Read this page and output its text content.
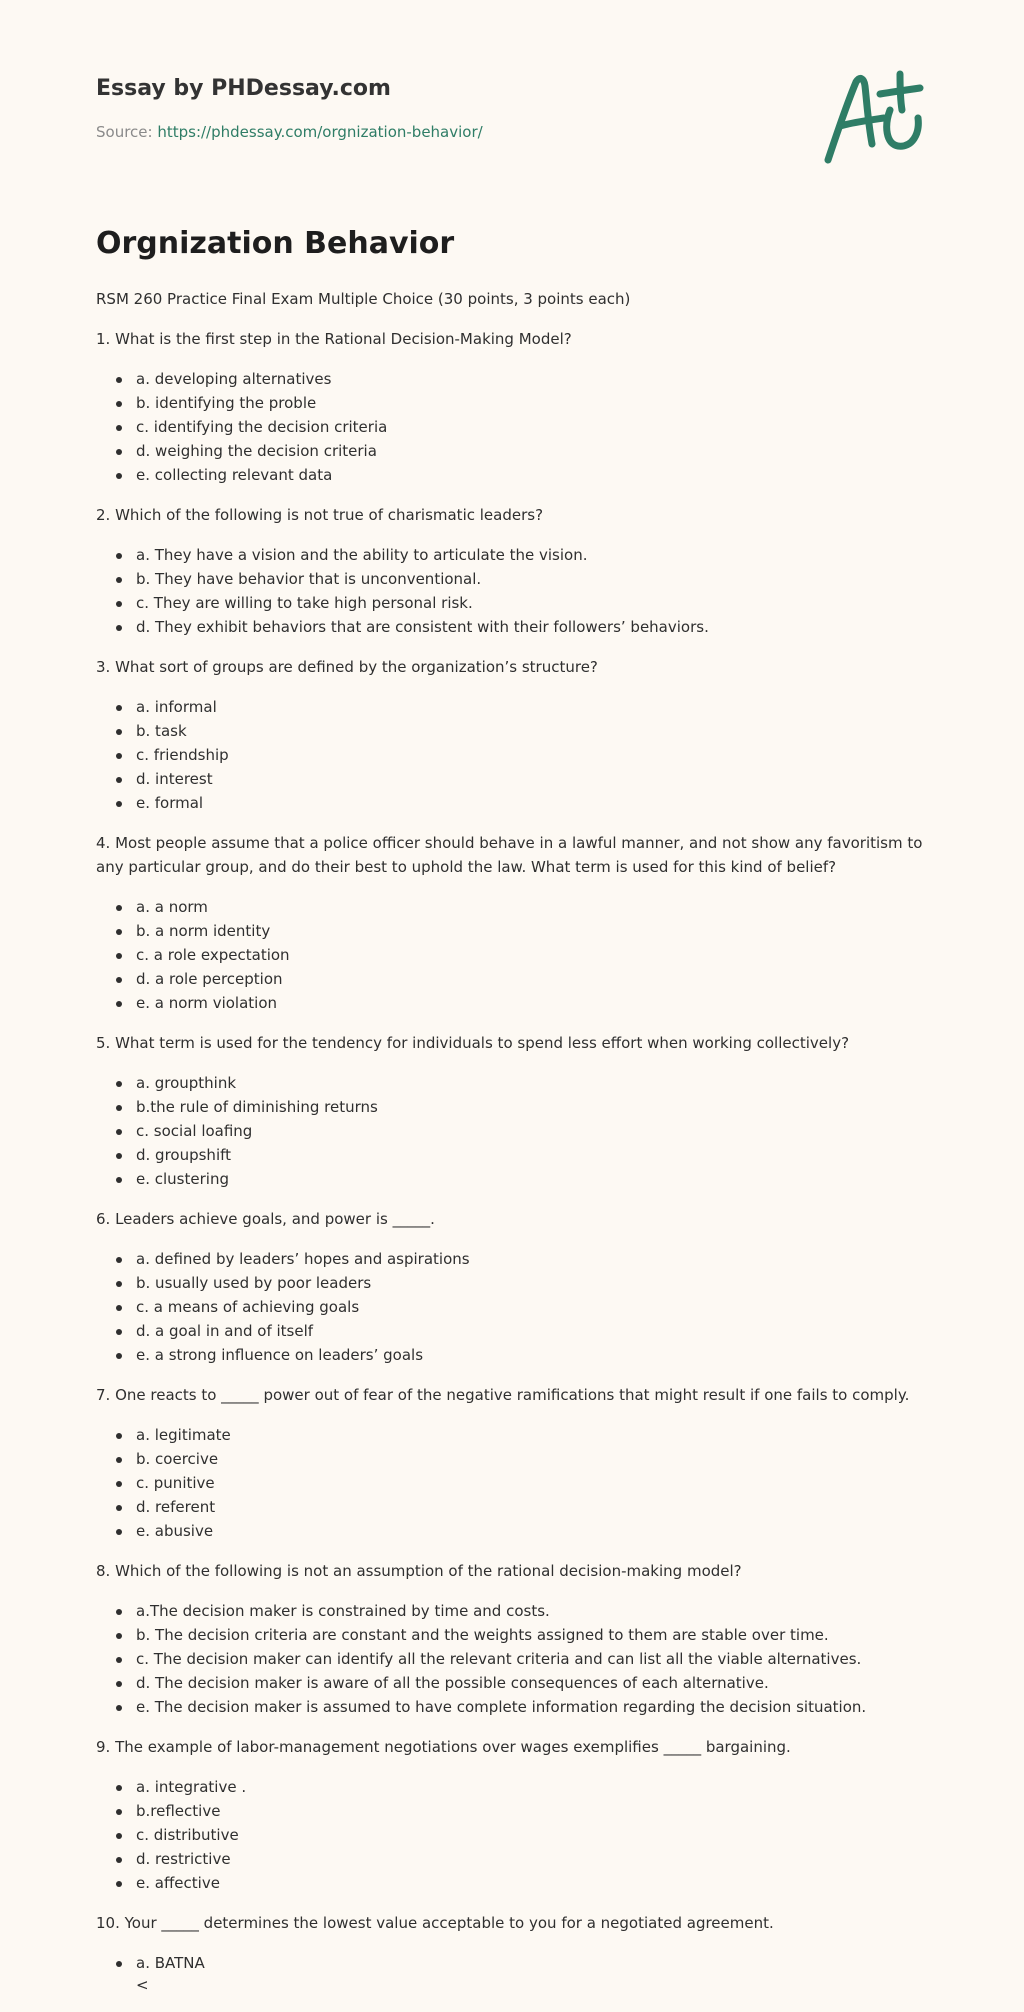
Essay by PHDessay.com
Source: https://phdessay.com/orgnization-behavior/
Orgnization Behavior

RSM 260 Practice Final Exam Multiple Choice (30 points, 3 points each)

1. What is the first step in the Rational Decision-Making Model?

a. developing alternatives
b. identifying the proble
c. identifying the decision criteria
d. weighing the decision criteria
e. collecting relevant data

2. Which of the following is not true of charismatic leaders?

a. They have a vision and the ability to articulate the vision.
b. They have behavior that is unconventional.
c. They are willing to take high personal risk.
d. They exhibit behaviors that are consistent with their followers’ behaviors.

3. What sort of groups are defined by the organization’s structure?

a. informal
b. task
c. friendship
d. interest
e. formal

4. Most people assume that a police officer should behave in a lawful manner, and not show any favoritism to any particular group, and do their best to uphold the law. What term is used for this kind of belief?

a. a norm
b. a norm identity
c. a role expectation
d. a role perception
e. a norm violation

5. What term is used for the tendency for individuals to spend less effort when working collectively?

a. groupthink
b.the rule of diminishing returns
c. social loafing
d. groupshift
e. clustering

6. Leaders achieve goals, and power is _____.

a. defined by leaders’ hopes and aspirations
b. usually used by poor leaders
c. a means of achieving goals
d. a goal in and of itself
e. a strong influence on leaders’ goals

7. One reacts to _____ power out of fear of the negative ramifications that might result if one fails to comply.

a. legitimate
b. coercive
c. punitive
d. referent
e. abusive

8. Which of the following is not an assumption of the rational decision-making model?

a.The decision maker is constrained by time and costs.
b. The decision criteria are constant and the weights assigned to them are stable over time.
c. The decision maker can identify all the relevant criteria and can list all the viable alternatives.
d. The decision maker is aware of all the possible consequences of each alternative.
e. The decision maker is assumed to have complete information regarding the decision situation.

9. The example of labor-management negotiations over wages exemplifies _____ bargaining.

a. integrative .
b.reflective
c. distributive
d. restrictive
e. affective

10. Your _____ determines the lowest value acceptable to you for a negotiated agreement.

a. BATNA
<
